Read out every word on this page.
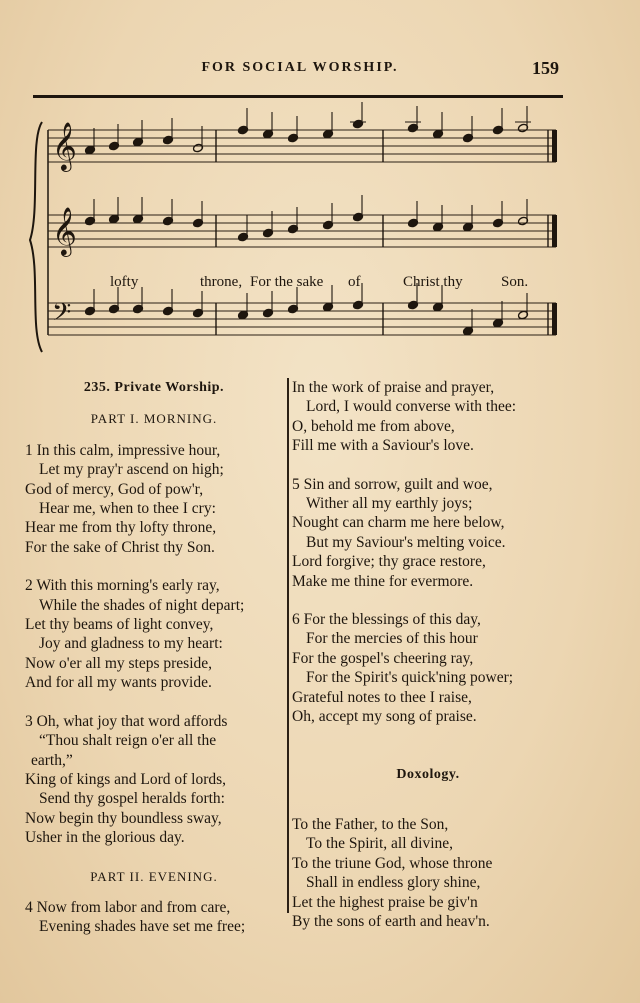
FOR SOCIAL WORSHIP.	159
𝄞
𝄞
𝄢
lofty	throne, For the sake of	Christ thy	Son.
235. Private Worship.
PART I. MORNING.
1 In this calm, impressive hour,
Let my pray'r ascend on high;
God of mercy, God of pow'r,
Hear me, when to thee I cry:
Hear me from thy lofty throne,
For the sake of Christ thy Son.
2 With this morning's early ray,
While the shades of night depart;
Let thy beams of light convey,
Joy and gladness to my heart:
Now o'er all my steps preside,
And for all my wants provide.
3 Oh, what joy that word affords
“Thou shalt reign o'er all the
earth,”
King of kings and Lord of lords,
Send thy gospel heralds forth:
Now begin thy boundless sway,
Usher in the glorious day.
PART II. EVENING.
4 Now from labor and from care,
Evening shades have set me free;
In the work of praise and prayer,
Lord, I would converse with thee:
O, behold me from above,
Fill me with a Saviour's love.
5 Sin and sorrow, guilt and woe,
Wither all my earthly joys;
Nought can charm me here below,
But my Saviour's melting voice.
Lord forgive; thy grace restore,
Make me thine for evermore.
6 For the blessings of this day,
For the mercies of this hour
For the gospel's cheering ray,
For the Spirit's quick'ning power;
Grateful notes to thee I raise,
Oh, accept my song of praise.
Doxology.
To the Father, to the Son,
To the Spirit, all divine,
To the triune God, whose throne
Shall in endless glory shine,
Let the highest praise be giv'n
By the sons of earth and heav'n.
